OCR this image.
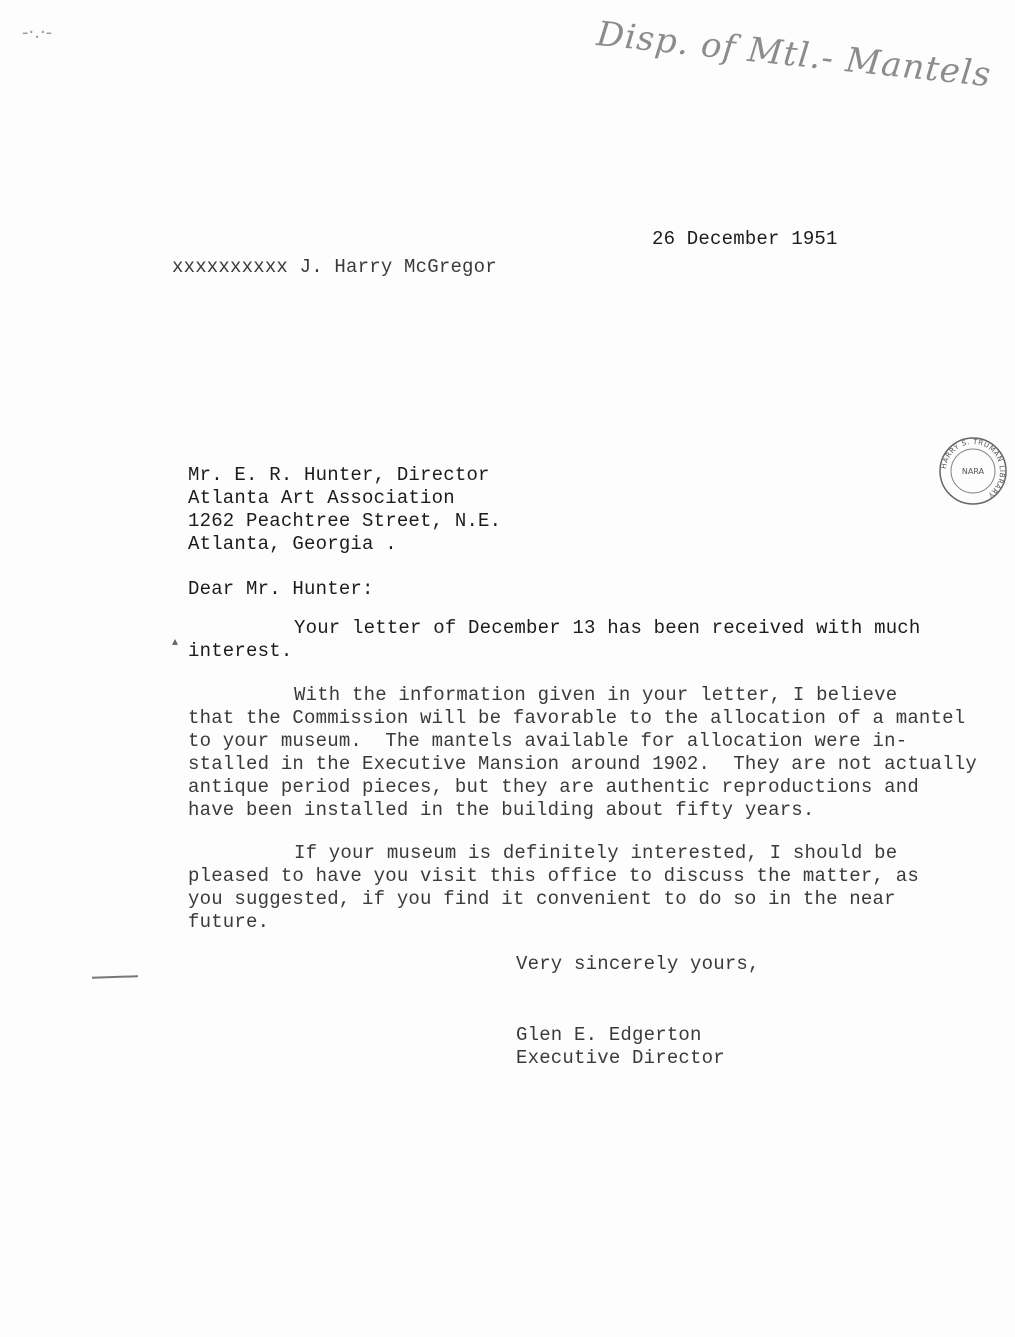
-·.·-	Disp. of Mtl.- Mantels
26 December 1951
xxxxxxxxxx J. Harry McGregor
Mr. E. R. Hunter, Director
Atlanta Art Association
1262 Peachtree Street, N.E.
Atlanta, Georgia .
Dear Mr. Hunter:
▴
Your letter of December 13 has been received with much
interest.
With the information given in your letter, I believe
that the Commission will be favorable to the allocation of a mantel
to your museum.  The mantels available for allocation were in-
stalled in the Executive Mansion around 1902.  They are not actually
antique period pieces, but they are authentic reproductions and
have been installed in the building about fifty years.
If your museum is definitely interested, I should be
pleased to have you visit this office to discuss the matter, as
you suggested, if you find it convenient to do so in the near
future.
Very sincerely yours,
Glen E. Edgerton
Executive Director
HARRY S. TRUMAN LIBRARY
NARA
